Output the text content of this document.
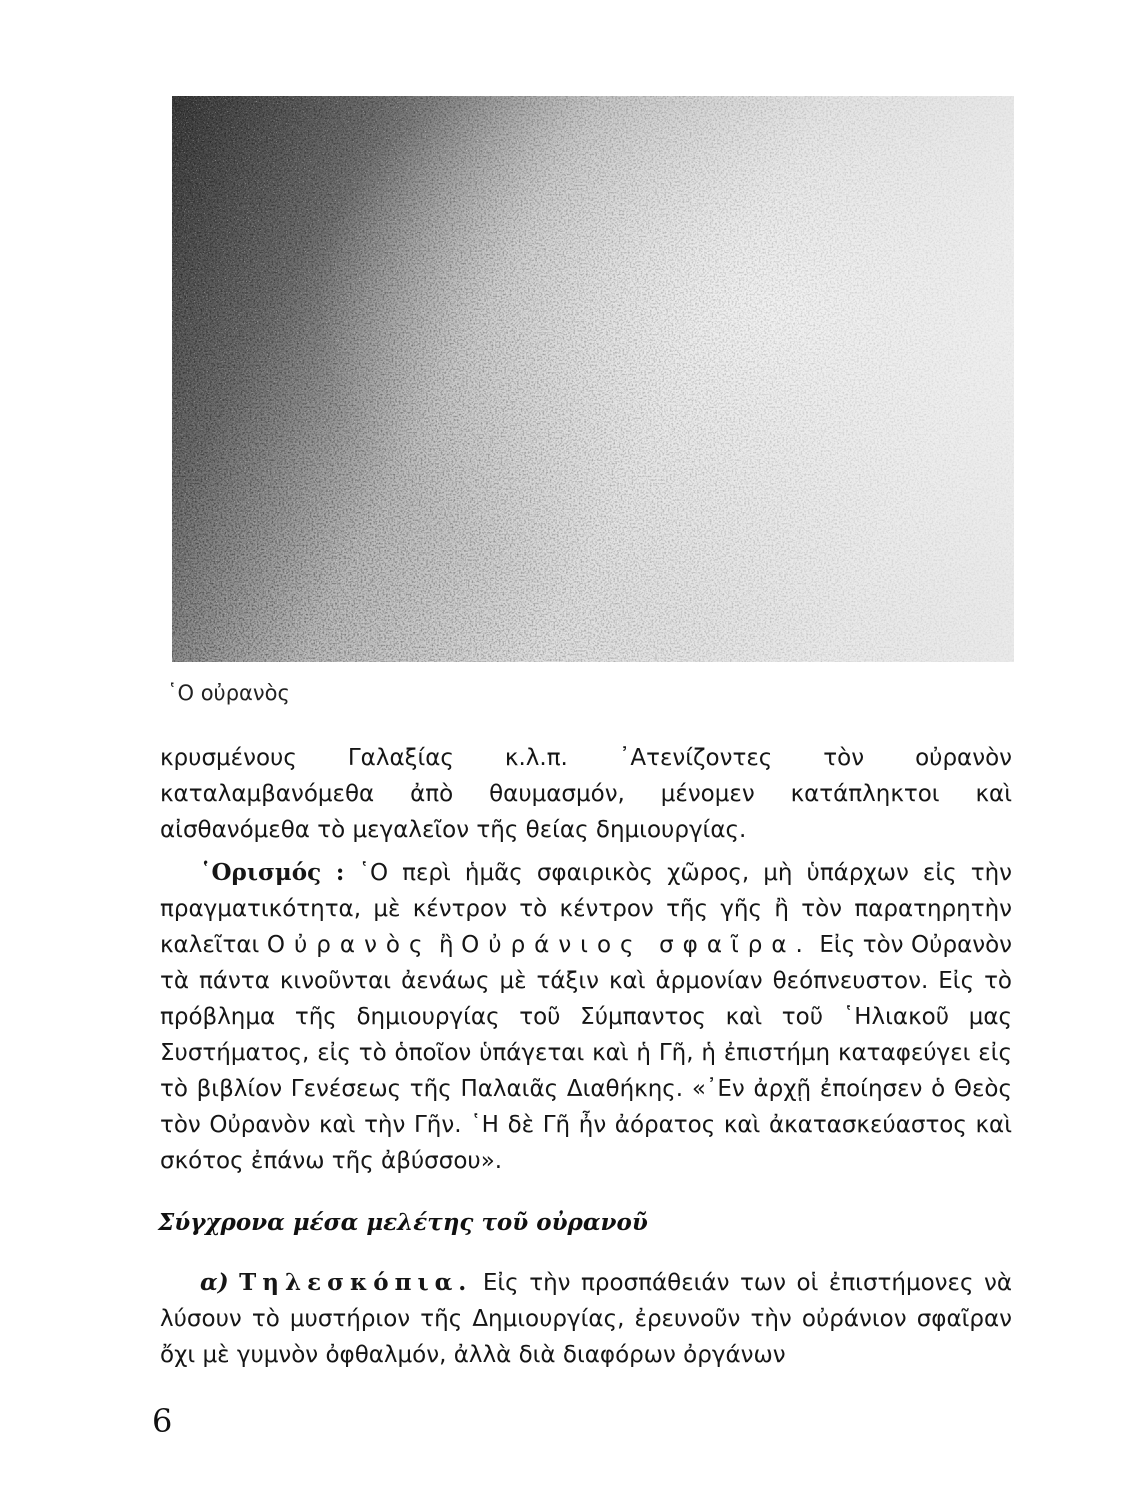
῾Ο οὐρανὸς

κρυσμένους Γαλαξίας κ.λ.π. ᾿Ατενίζοντες τὸν οὐρανὸν καταλαμβανόμεθα ἀπὸ θαυμασμόν, μένομεν κατάπληκτοι καὶ αἰσθανόμεθα τὸ μεγαλεῖον τῆς θείας δημιουργίας.

῾Ορισμός : ῾Ο περὶ ἡμᾶς σφαιρικὸς χῶρος, μὴ ὑπάρχων εἰς τὴν πραγματικότητα, μὲ κέντρον τὸ κέντρον τῆς γῆς ἢ τὸν παρατηρητὴν καλεῖται Οὐρανὸς ἢ Οὐράνιος σφαῖρα. Εἰς τὸν Οὐρανὸν τὰ πάντα κινοῦνται ἀενάως μὲ τάξιν καὶ ἁρμονίαν θεόπνευστον. Εἰς τὸ πρόβλημα τῆς δημιουργίας τοῦ Σύμπαντος καὶ τοῦ ῾Ηλιακοῦ μας Συστήματος, εἰς τὸ ὁποῖον ὑπάγεται καὶ ἡ Γῆ, ἡ ἐπιστήμη καταφεύγει εἰς τὸ βιβλίον Γενέσεως τῆς Παλαιᾶς Διαθήκης. «᾿Εν ἀρχῇ ἐποίησεν ὁ Θεὸς τὸν Οὐρανὸν καὶ τὴν Γῆν. ῾Η δὲ Γῆ ἦν ἀόρατος καὶ ἀκατασκεύαστος καὶ σκότος ἐπάνω τῆς ἀβύσσου».

Σύγχρονα μέσα μελέτης τοῦ οὐρανοῦ

α) Τηλεσκόπια. Εἰς τὴν προσπάθειάν των οἱ ἐπιστήμονες νὰ λύσουν τὸ μυστήριον τῆς Δημιουργίας, ἐρευνοῦν τὴν οὐράνιον σφαῖραν ὄχι μὲ γυμνὸν ὀφθαλμόν, ἀλλὰ διὰ διαφόρων ὀργάνων

6
